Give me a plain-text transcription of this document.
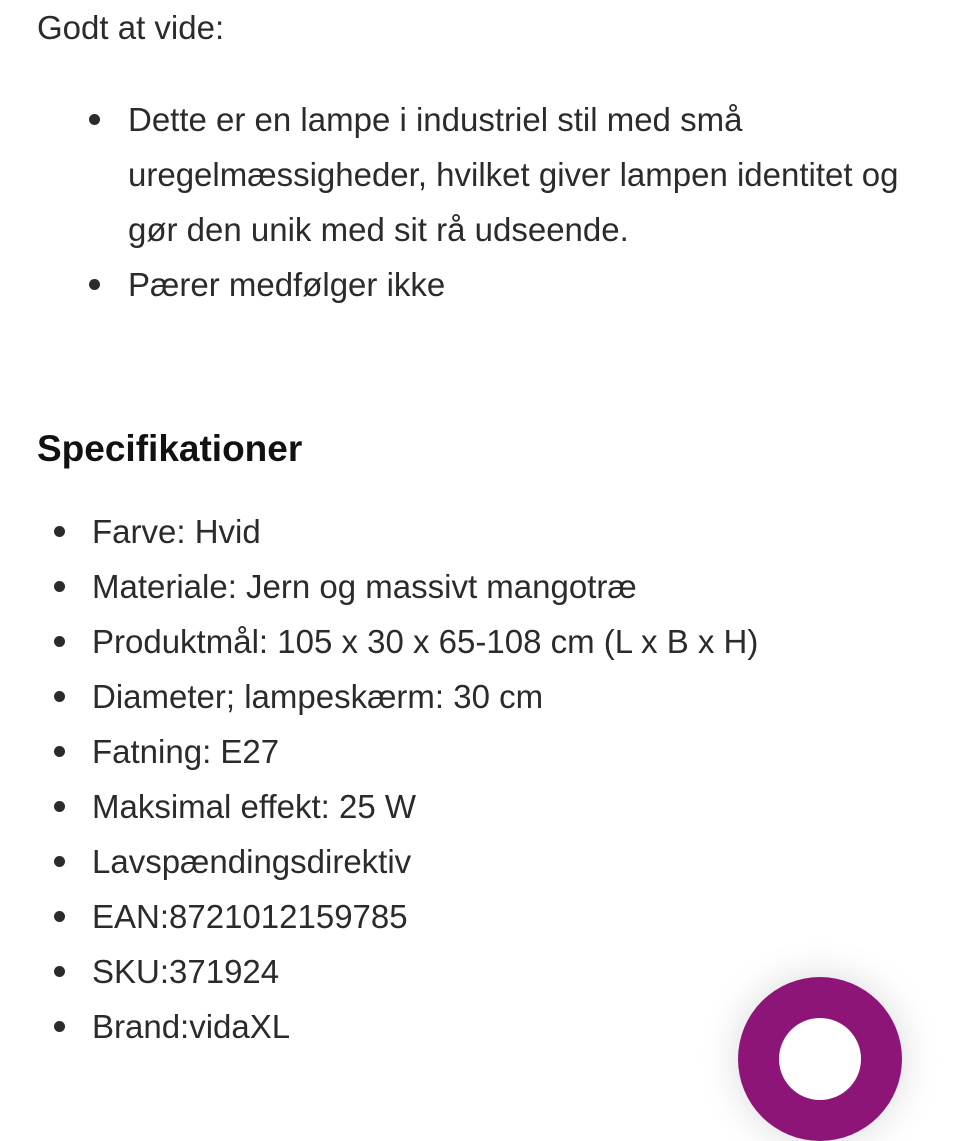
Godt at vide:

Dette er en lampe i industriel stil med små uregelmæssigheder, hvilket giver lampen identitet og gør den unik med sit rå udseende.
Pærer medfølger ikke
Specifikationer
Farve: Hvid
Materiale: Jern og massivt mangotræ
Produktmål: 105 x 30 x 65-108 cm (L x B x H)
Diameter; lampeskærm: 30 cm
Fatning: E27
Maksimal effekt: 25 W
Lavspændingsdirektiv
EAN:8721012159785
SKU:371924
Brand:vidaXL
